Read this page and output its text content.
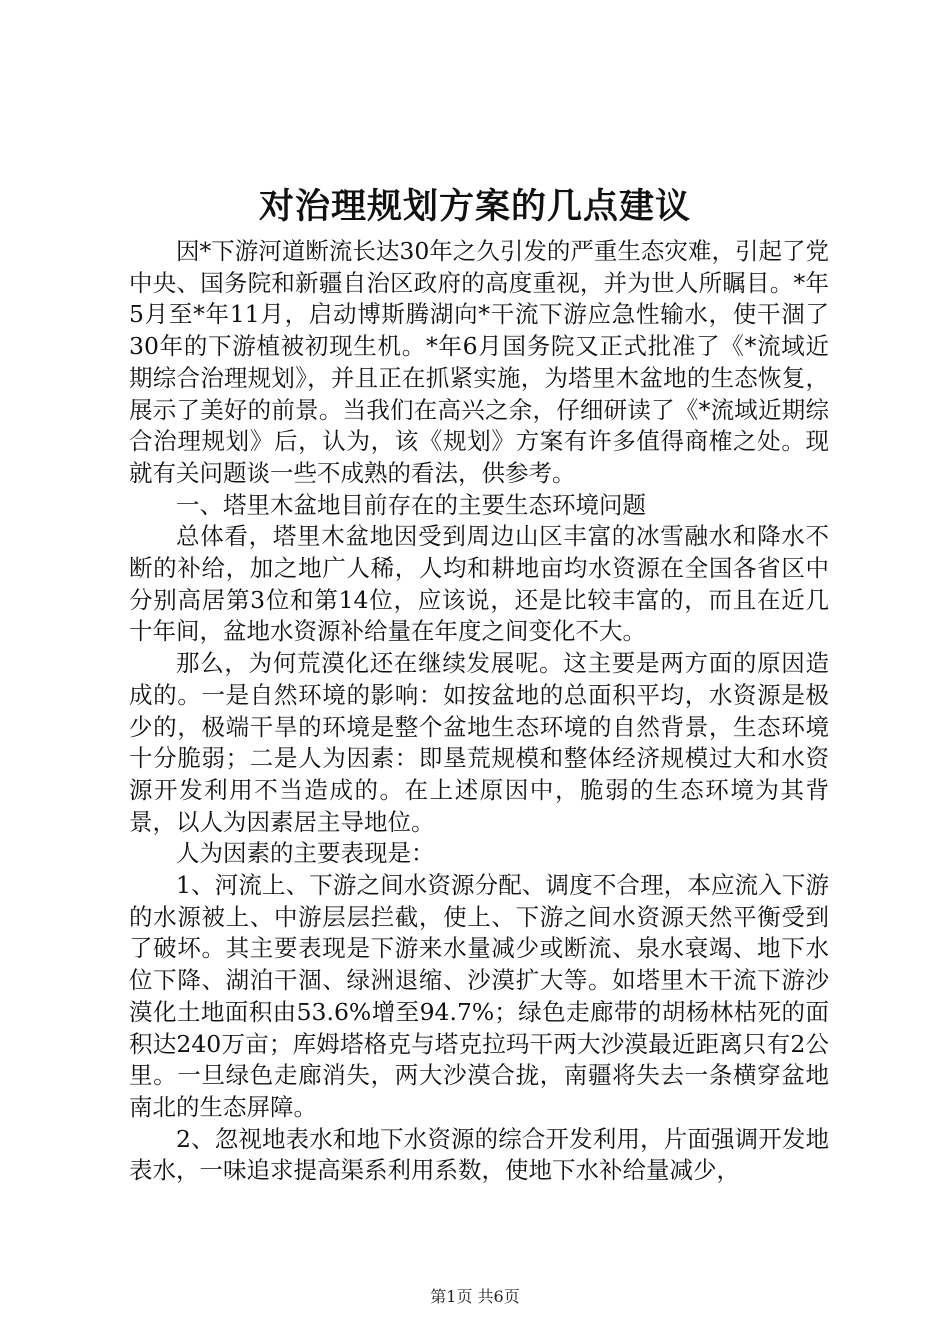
对治理规划方案的几点建议

因*下游河道断流长达30年之久引发的严重生态灾难，引起了党中央、国务院和新疆自治区政府的高度重视，并为世人所瞩目。*年5月至*年11月，启动博斯腾湖向*干流下游应急性输水，使干涸了30年的下游植被初现生机。*年6月国务院又正式批准了《*流域近期综合治理规划》，并且正在抓紧实施，为塔里木盆地的生态恢复，展示了美好的前景。当我们在高兴之余，仔细研读了《*流域近期综合治理规划》后，认为，该《规划》方案有许多值得商榷之处。现就有关问题谈一些不成熟的看法，供参考。

一、塔里木盆地目前存在的主要生态环境问题

总体看，塔里木盆地因受到周边山区丰富的冰雪融水和降水不断的补给，加之地广人稀，人均和耕地亩均水资源在全国各省区中分别高居第3位和第14位，应该说，还是比较丰富的，而且在近几十年间，盆地水资源补给量在年度之间变化不大。

那么，为何荒漠化还在继续发展呢。这主要是两方面的原因造成的。一是自然环境的影响：如按盆地的总面积平均，水资源是极少的，极端干旱的环境是整个盆地生态环境的自然背景，生态环境十分脆弱；二是人为因素：即垦荒规模和整体经济规模过大和水资源开发利用不当造成的。在上述原因中，脆弱的生态环境为其背景，以人为因素居主导地位。

人为因素的主要表现是：

1、河流上、下游之间水资源分配、调度不合理，本应流入下游的水源被上、中游层层拦截，使上、下游之间水资源天然平衡受到了破坏。其主要表现是下游来水量减少或断流、泉水衰竭、地下水位下降、湖泊干涸、绿洲退缩、沙漠扩大等。如塔里木干流下游沙漠化土地面积由53.6%增至94.7%；绿色走廊带的胡杨林枯死的面积达240万亩；库姆塔格克与塔克拉玛干两大沙漠最近距离只有2公里。一旦绿色走廊消失，两大沙漠合拢，南疆将失去一条横穿盆地南北的生态屏障。

2、忽视地表水和地下水资源的综合开发利用，片面强调开发地表水，一味追求提高渠系利用系数，使地下水补给量减少，

第1页 共6页
